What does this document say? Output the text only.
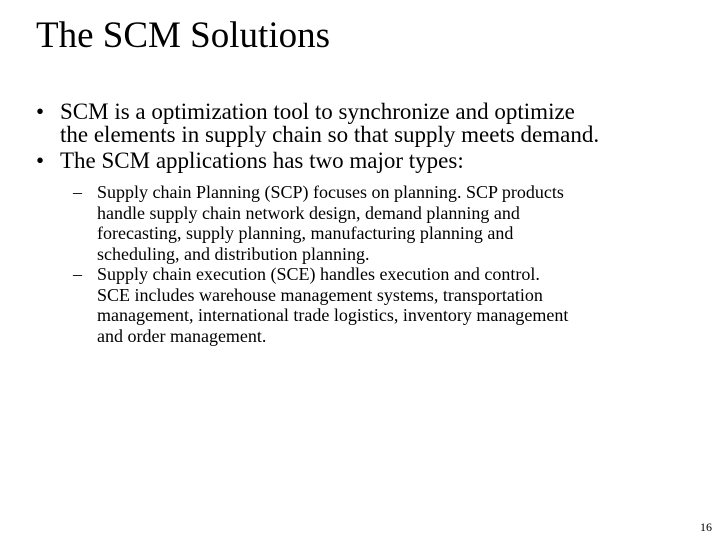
The SCM Solutions
• SCM is a optimization tool to synchronize and optimize
the elements in supply chain so that supply meets demand.
• The SCM applications has two major types:
– Supply chain Planning (SCP) focuses on planning. SCP products
handle supply chain network design, demand planning and
forecasting, supply planning, manufacturing planning and
scheduling, and distribution planning.
– Supply chain execution (SCE) handles execution and control.
SCE includes warehouse management systems, transportation
management, international trade logistics, inventory management
and order management.
16
